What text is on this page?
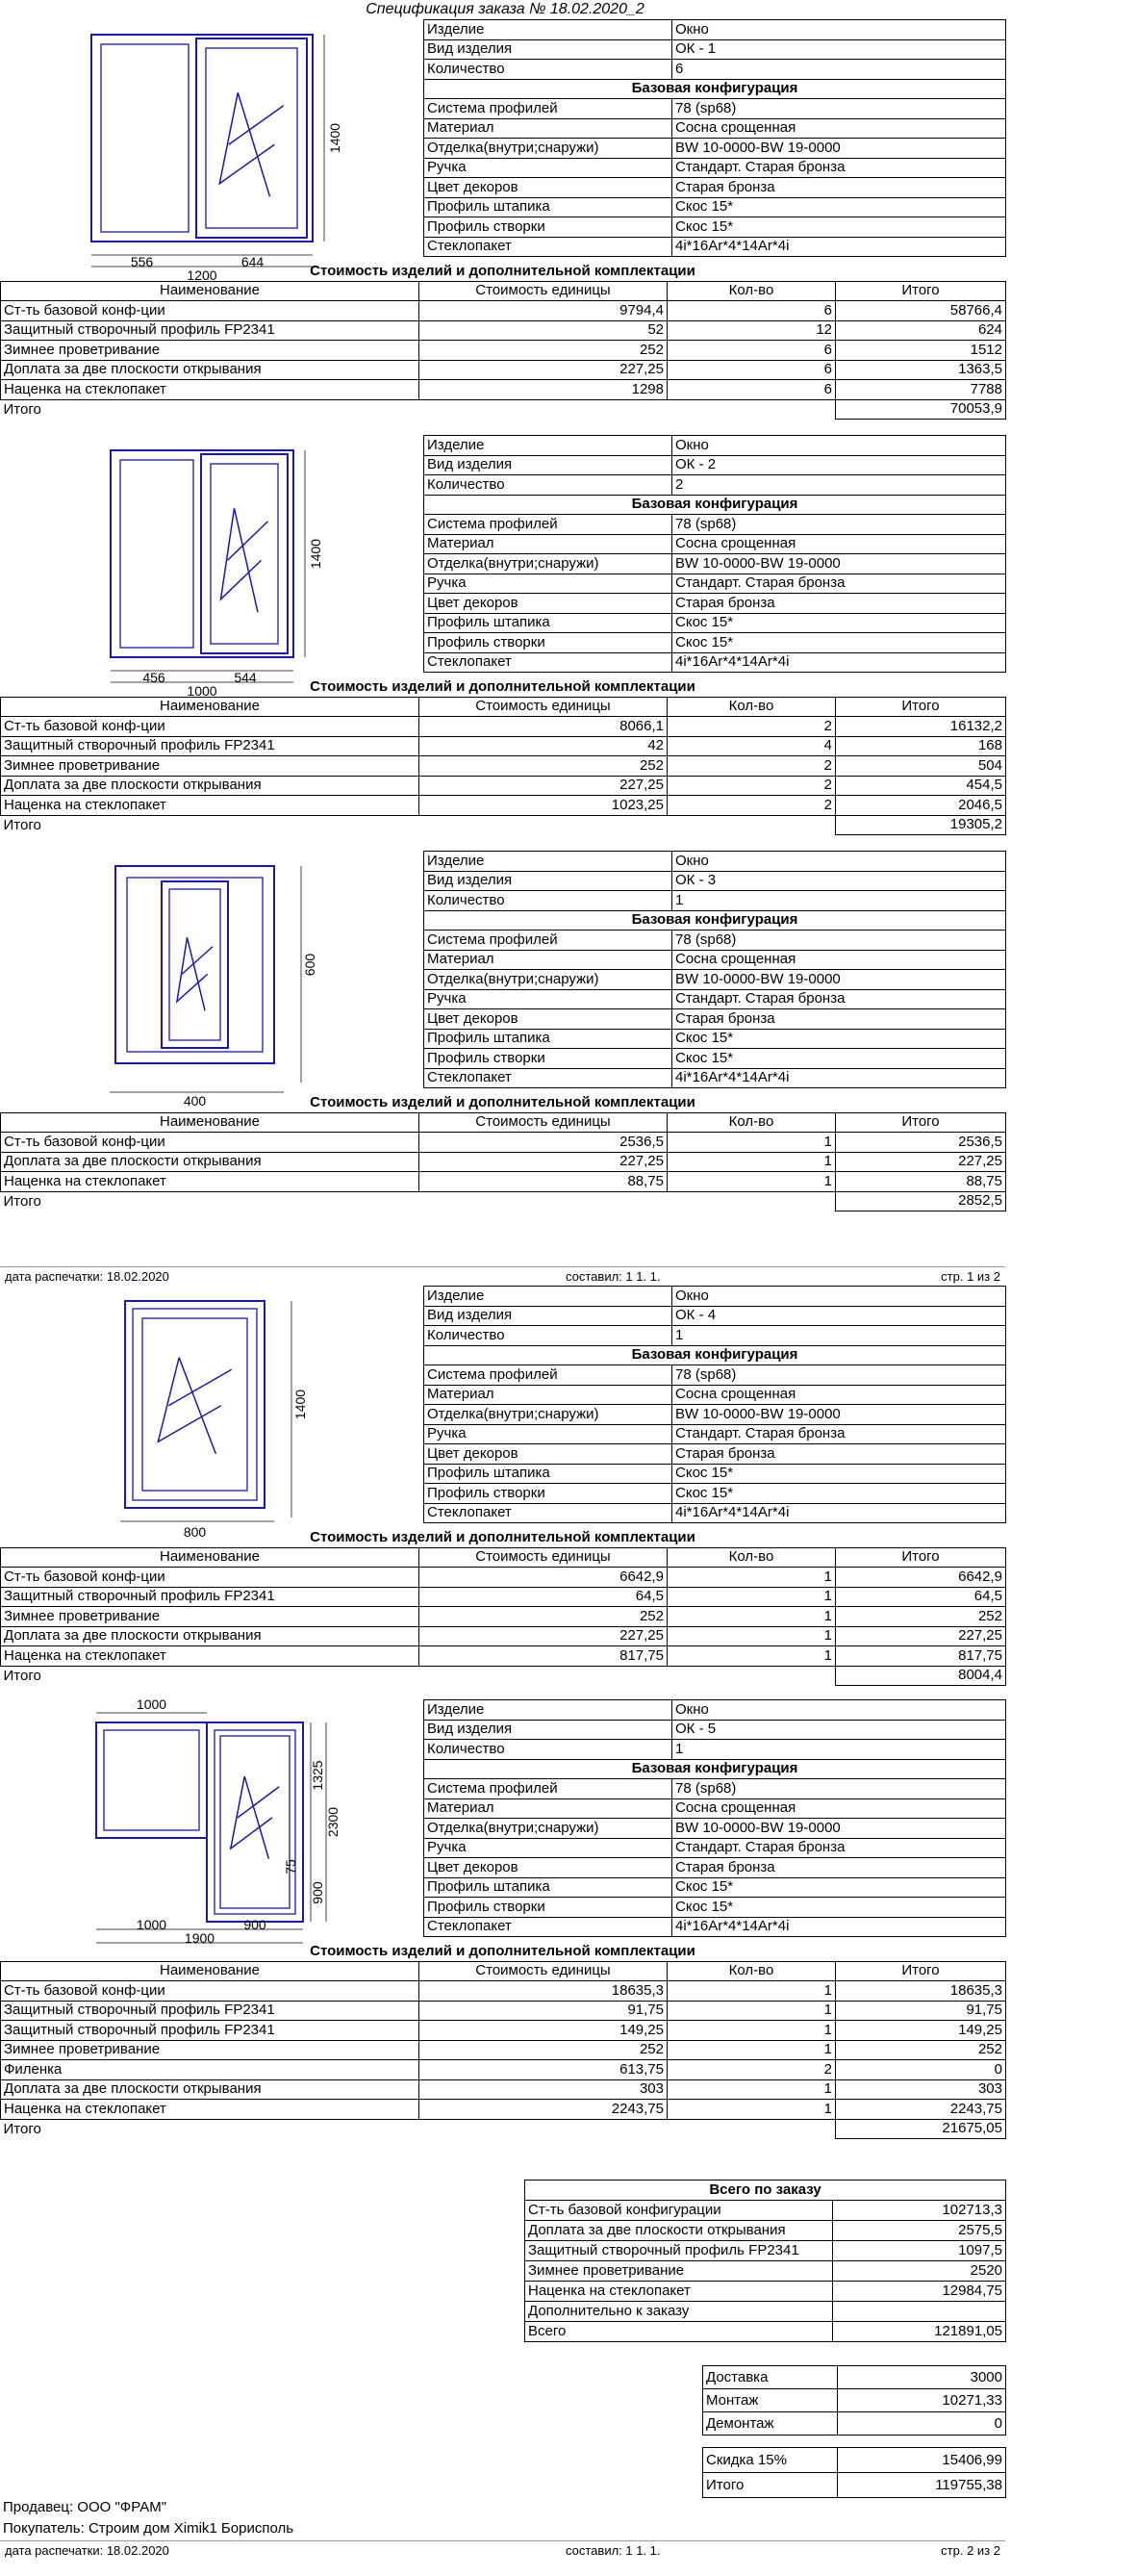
Спецификация заказа № 18.02.2020_2
Изделие	Окно
Вид изделия	ОК - 1
Количество	6
Базовая конфигурация	
Система профилей	78 (sp68)
Материал	Сосна срощенная
Отделка(внутри;снаружи)	BW 10-0000-BW 19-0000
Ручка	Стандарт. Старая бронза
Цвет декоров	Старая бронза
Профиль штапика	Скос 15*
Профиль створки	Скос 15*
Стеклопакет	4i*16Ar*4*14Ar*4i
1400
556	644
1200	Стоимость изделий и дополнительной комплектации
Наименование	Стоимость единицы	Кол-во	Итого
Ст-ть базовой конф-ции	9794,4	6	58766,4
Защитный створочный профиль FP2341	52	12	624
Зимнее проветривание	252	6	1512
Доплата за две плоскости открывания	227,25	6	1363,5
Наценка на стеклопакет	1298	6	7788
Итого			70053,9
Изделие	Окно
Вид изделия	ОК - 2
Количество	2
Базовая конфигурация	
Система профилей	78 (sp68)
Материал	Сосна срощенная
Отделка(внутри;снаружи)	BW 10-0000-BW 19-0000
Ручка	Стандарт. Старая бронза
Цвет декоров	Старая бронза
Профиль штапика	Скос 15*
Профиль створки	Скос 15*
Стеклопакет	4i*16Ar*4*14Ar*4i
1400
456	544
1000	Стоимость изделий и дополнительной комплектации
Наименование	Стоимость единицы	Кол-во	Итого
Ст-ть базовой конф-ции	8066,1	2	16132,2
Защитный створочный профиль FP2341	42	4	168
Зимнее проветривание	252	2	504
Доплата за две плоскости открывания	227,25	2	454,5
Наценка на стеклопакет	1023,25	2	2046,5
Итого			19305,2
Изделие	Окно
Вид изделия	ОК - 3
Количество	1
Базовая конфигурация	
Система профилей	78 (sp68)
Материал	Сосна срощенная
Отделка(внутри;снаружи)	BW 10-0000-BW 19-0000
Ручка	Стандарт. Старая бронза
Цвет декоров	Старая бронза
Профиль штапика	Скос 15*
Профиль створки	Скос 15*
Стеклопакет	4i*16Ar*4*14Ar*4i
600
400	Стоимость изделий и дополнительной комплектации
Наименование	Стоимость единицы	Кол-во	Итого
Ст-ть базовой конф-ции	2536,5	1	2536,5
Доплата за две плоскости открывания	227,25	1	227,25
Наценка на стеклопакет	88,75	1	88,75
Итого			2852,5
Изделие	Окно
Вид изделия	ОК - 4
Количество	1
Базовая конфигурация	
Система профилей	78 (sp68)
Материал	Сосна срощенная
Отделка(внутри;снаружи)	BW 10-0000-BW 19-0000
Ручка	Стандарт. Старая бронза
Цвет декоров	Старая бронза
Профиль штапика	Скос 15*
Профиль створки	Скос 15*
Стеклопакет	4i*16Ar*4*14Ar*4i
1400
800	Стоимость изделий и дополнительной комплектации
Наименование	Стоимость единицы	Кол-во	Итого
Ст-ть базовой конф-ции	6642,9	1	6642,9
Защитный створочный профиль FP2341	64,5	1	64,5
Зимнее проветривание	252	1	252
Доплата за две плоскости открывания	227,25	1	227,25
Наценка на стеклопакет	817,75	1	817,75
Итого			8004,4
Изделие	Окно
Вид изделия	ОК - 5
Количество	1
Базовая конфигурация	
Система профилей	78 (sp68)
Материал	Сосна срощенная
Отделка(внутри;снаружи)	BW 10-0000-BW 19-0000
Ручка	Стандарт. Старая бронза
Цвет декоров	Старая бронза
Профиль штапика	Скос 15*
Профиль створки	Скос 15*
Стеклопакет	4i*16Ar*4*14Ar*4i
1000
1325
2300
75
900
1000	900
1900
Стоимость изделий и дополнительной комплектации
Наименование	Стоимость единицы	Кол-во	Итого
Ст-ть базовой конф-ции	18635,3	1	18635,3
Защитный створочный профиль FP2341	91,75	1	91,75
Защитный створочный профиль FP2341	149,25	1	149,25
Зимнее проветривание	252	1	252
Филенка	613,75	2	0
Доплата за две плоскости открывания	303	1	303
Наценка на стеклопакет	2243,75	1	2243,75
Итого			21675,05
дата распечатки: 18.02.2020	составил: 1 1. 1.	стр. 1 из 2
дата распечатки: 18.02.2020	составил: 1 1. 1.	стр. 2 из 2
Всего по заказу	
Ст-ть базовой конфигурации	102713,3
Доплата за две плоскости открывания	2575,5
Защитный створочный профиль FP2341	1097,5
Зимнее проветривание	2520
Наценка на стеклопакет	12984,75
Дополнительно к заказу	
Всего	121891,05
Доставка	3000
Монтаж	10271,33
Демонтаж	0
Скидка 15%	15406,99
Итого	119755,38
Продавец: ООО "ФРАМ"
Покупатель: Строим дом Ximik1 Борисполь
